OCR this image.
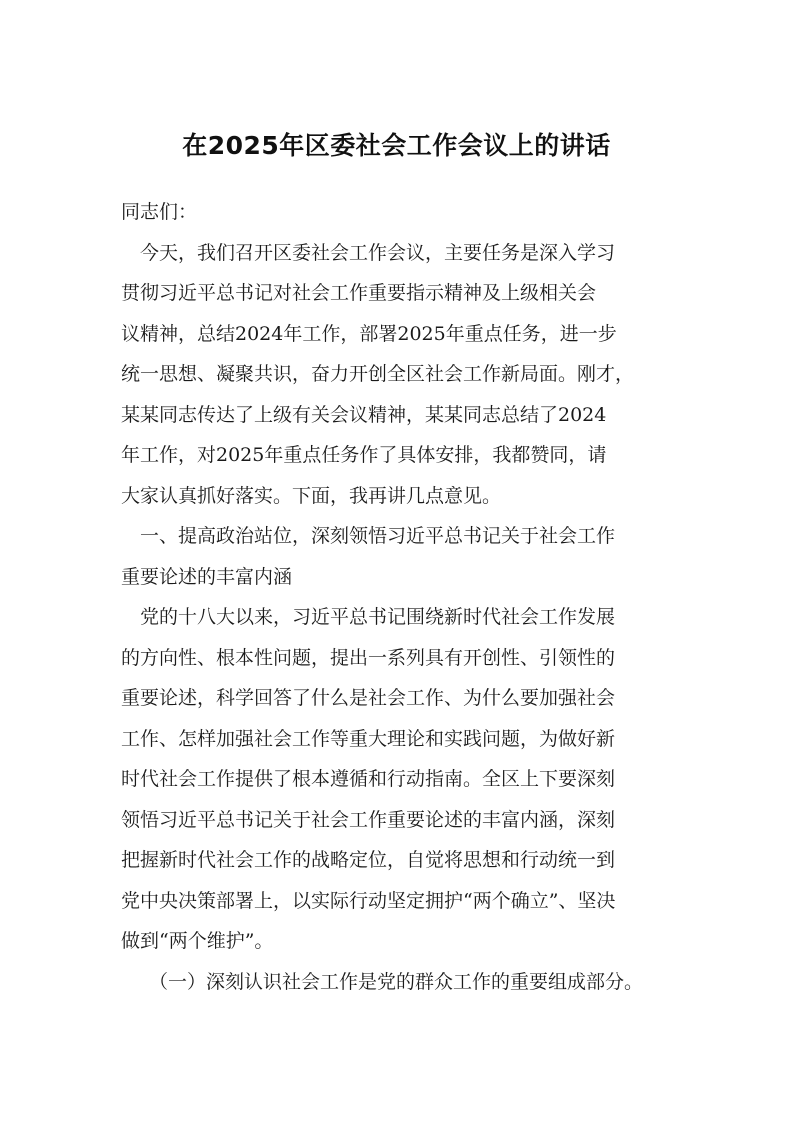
在2025年区委社会工作会议上的讲话
同志们：
今天，我们召开区委社会工作会议，主要任务是深入学习
贯彻习近平总书记对社会工作重要指示精神及上级相关会
议精神，总结2024年工作，部署2025年重点任务，进一步
统一思想、凝聚共识，奋力开创全区社会工作新局面。刚才，
某某同志传达了上级有关会议精神，某某同志总结了2024
年工作，对2025年重点任务作了具体安排，我都赞同，请
大家认真抓好落实。下面，我再讲几点意见。
一、提高政治站位，深刻领悟习近平总书记关于社会工作
重要论述的丰富内涵
党的十八大以来，习近平总书记围绕新时代社会工作发展
的方向性、根本性问题，提出一系列具有开创性、引领性的
重要论述，科学回答了什么是社会工作、为什么要加强社会
工作、怎样加强社会工作等重大理论和实践问题，为做好新
时代社会工作提供了根本遵循和行动指南。全区上下要深刻
领悟习近平总书记关于社会工作重要论述的丰富内涵，深刻
把握新时代社会工作的战略定位，自觉将思想和行动统一到
党中央决策部署上，以实际行动坚定拥护“两个确立”、坚决
做到“两个维护”。
（一）深刻认识社会工作是党的群众工作的重要组成部分。
